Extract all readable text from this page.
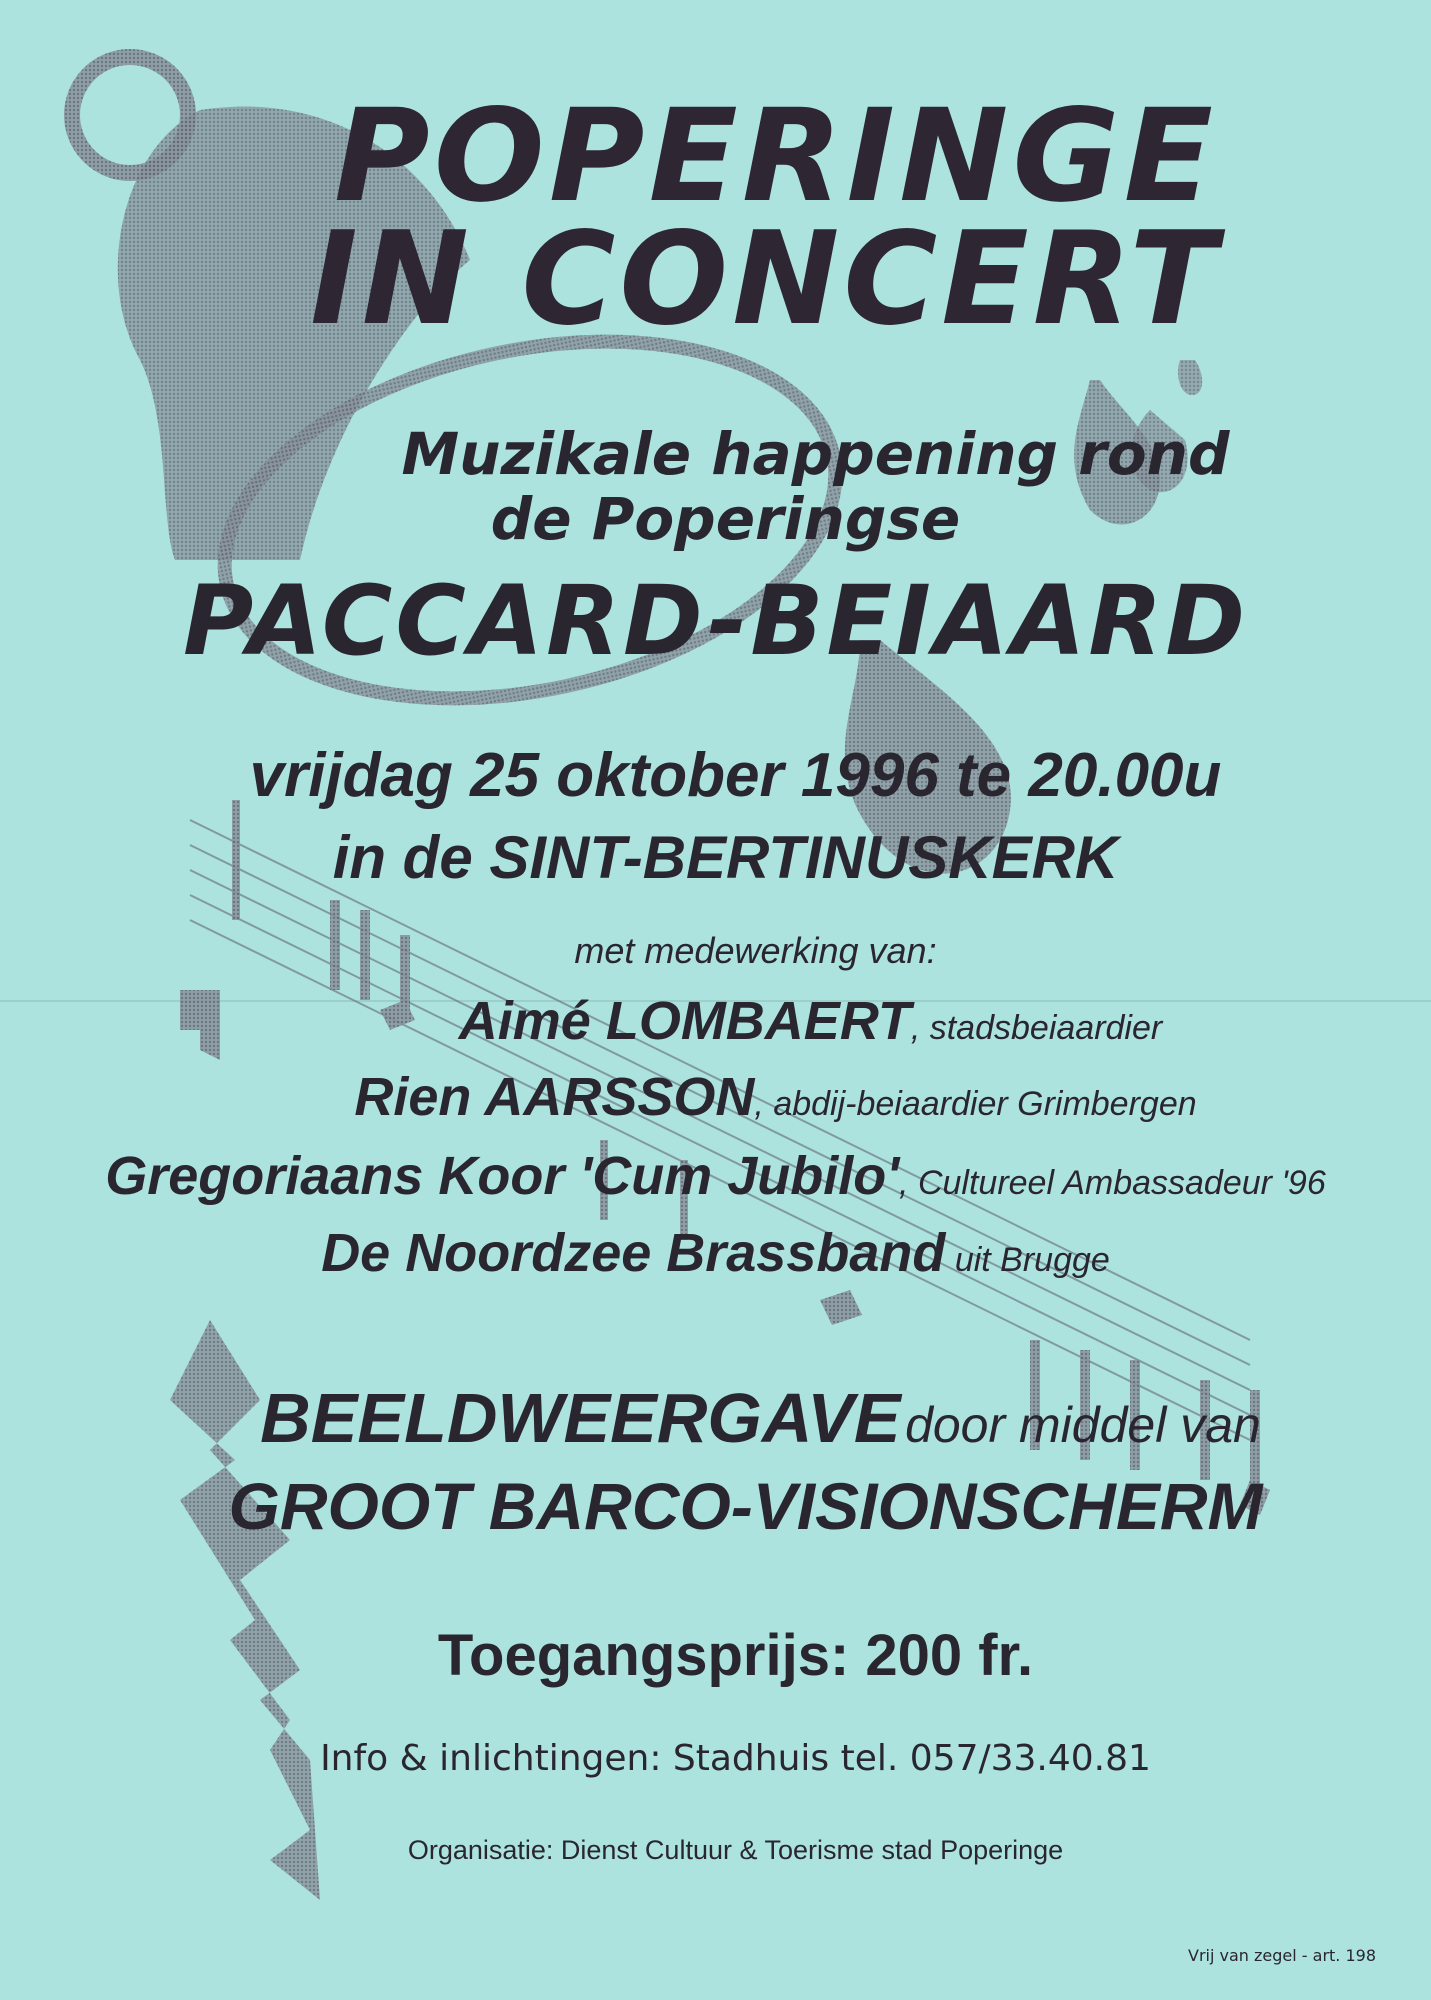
POPERINGE
IN CONCERT
Muzikale happening rond
de Poperingse
PACCARD-BEIAARD
vrijdag 25 oktober 1996 te 20.00u
in de SINT-BERTINUSKERK
met medewerking van:
Aimé LOMBAERT, stadsbeiaardier
Rien AARSSON, abdij-beiaardier Grimbergen
Gregoriaans Koor 'Cum Jubilo', Cultureel Ambassadeur '96
De Noordzee Brassband uit Brugge
BEELDWEERGAVE door middel van
GROOT BARCO-VISIONSCHERM
Toegangsprijs: 200 fr.
Info & inlichtingen: Stadhuis tel. 057/33.40.81
Organisatie: Dienst Cultuur & Toerisme stad Poperinge
Vrij van zegel - art. 198
